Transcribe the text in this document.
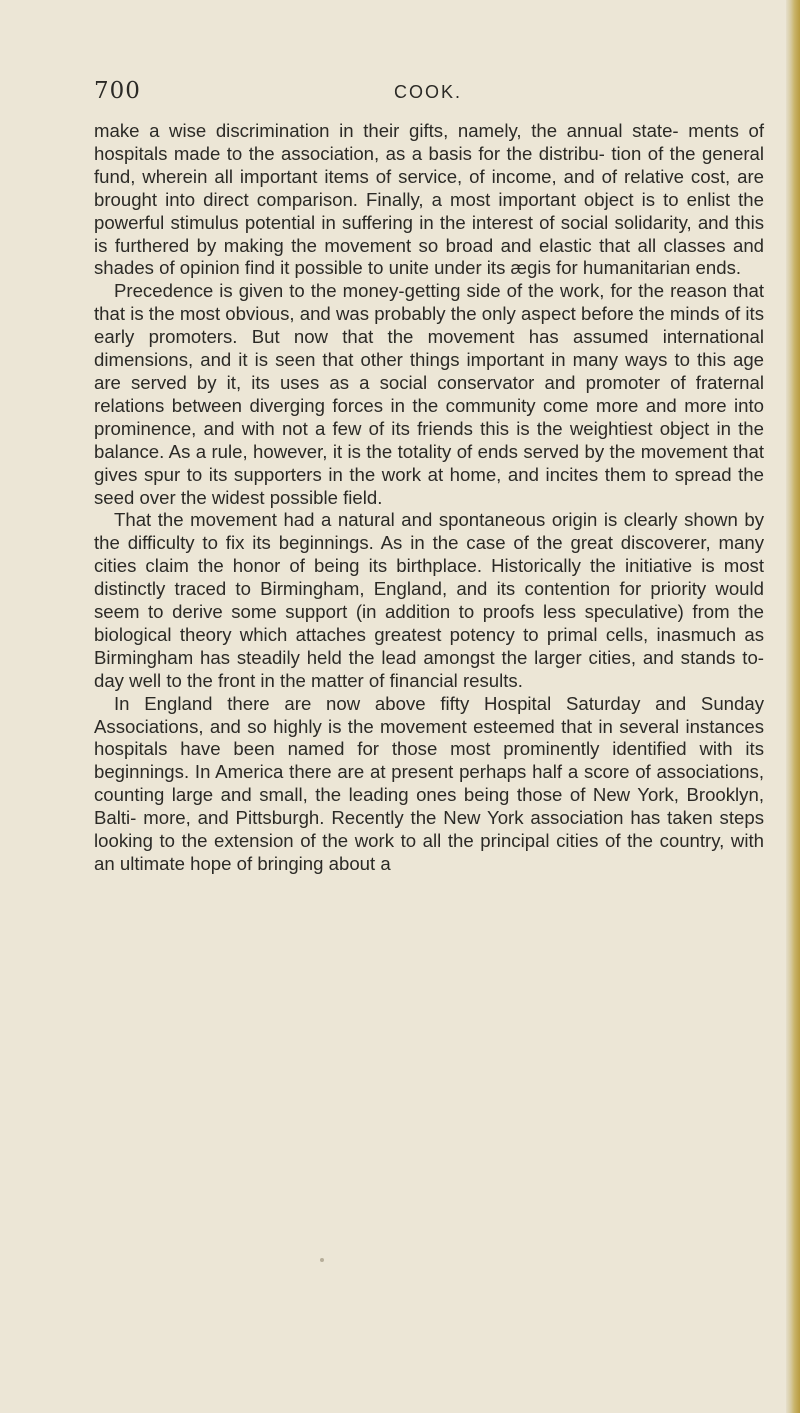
700	COOK.

make a wise discrimination in their gifts, namely, the annual state- ments of hospitals made to the association, as a basis for the distribu- tion of the general fund, wherein all important items of service, of income, and of relative cost, are brought into direct comparison. Finally, a most important object is to enlist the powerful stimulus potential in suffering in the interest of social solidarity, and this is furthered by making the movement so broad and elastic that all classes and shades of opinion find it possible to unite under its ægis for humanitarian ends.

Precedence is given to the money-getting side of the work, for the reason that that is the most obvious, and was probably the only aspect before the minds of its early promoters. But now that the movement has assumed international dimensions, and it is seen that other things important in many ways to this age are served by it, its uses as a social conservator and promoter of fraternal relations between diverging forces in the community come more and more into prominence, and with not a few of its friends this is the weightiest object in the balance. As a rule, however, it is the totality of ends served by the movement that gives spur to its supporters in the work at home, and incites them to spread the seed over the widest possible field.

That the movement had a natural and spontaneous origin is clearly shown by the difficulty to fix its beginnings. As in the case of the great discoverer, many cities claim the honor of being its birthplace. Historically the initiative is most distinctly traced to Birmingham, England, and its contention for priority would seem to derive some support (in addition to proofs less speculative) from the biological theory which attaches greatest potency to primal cells, inasmuch as Birmingham has steadily held the lead amongst the larger cities, and stands to-day well to the front in the matter of financial results.

In England there are now above fifty Hospital Saturday and Sunday Associations, and so highly is the movement esteemed that in several instances hospitals have been named for those most prominently identified with its beginnings. In America there are at present perhaps half a score of associations, counting large and small, the leading ones being those of New York, Brooklyn, Balti- more, and Pittsburgh. Recently the New York association has taken steps looking to the extension of the work to all the principal cities of the country, with an ultimate hope of bringing about a
